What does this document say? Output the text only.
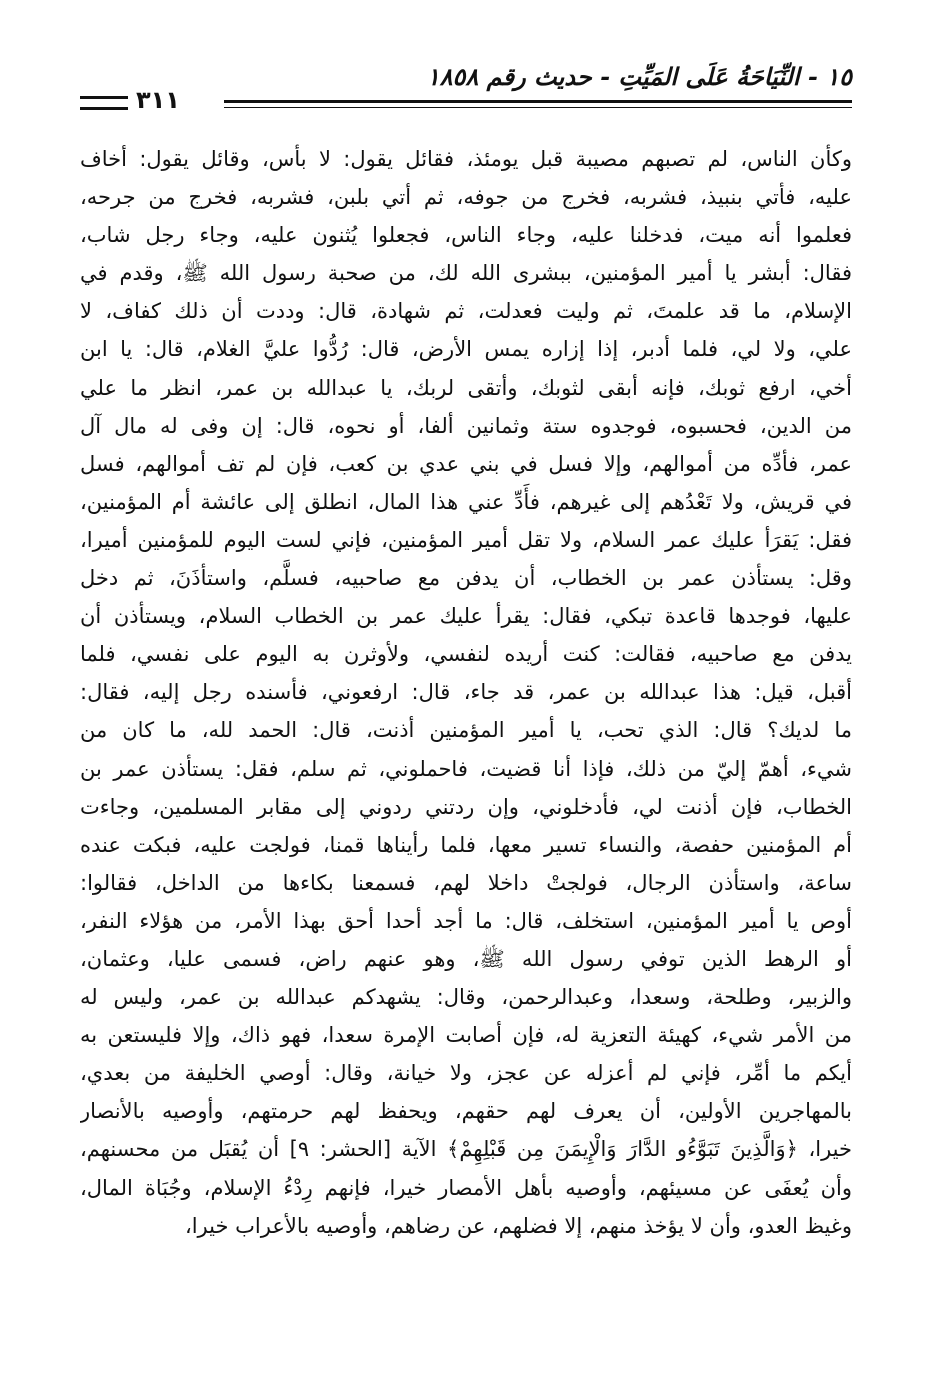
١٥ - النِّيَاحَةُ عَلَى المَيِّتِ - حديث رقم ١٨٥٨
٣١١
وكأن الناس، لم تصبهم مصيبة قبل يومئذ، فقائل يقول: لا بأس، وقائل يقول: أخاف
عليه، فأتي بنبيذ، فشربه، فخرج من جوفه، ثم أتي بلبن، فشربه، فخرج من جرحه،
فعلموا أنه ميت، فدخلنا عليه، وجاء الناس، فجعلوا يُثنون عليه، وجاء رجل شاب،
فقال: أبشر يا أمير المؤمنين، ببشرى الله لك، من صحبة رسول الله ﷺ، وقدم في
الإسلام، ما قد علمتَ، ثم وليت فعدلت، ثم شهادة، قال: وددت أن ذلك كفاف، لا
علي، ولا لي، فلما أدبر، إذا إزاره يمس الأرض، قال: رُدُّوا عليَّ الغلام، قال: يا ابن
أخي، ارفع ثوبك، فإنه أبقى لثوبك، وأتقى لربك، يا عبدالله بن عمر، انظر ما علي
من الدين، فحسبوه، فوجدوه ستة وثمانين ألفا، أو نحوه، قال: إن وفى له مال آل
عمر، فأدِّه من أموالهم، وإلا فسل في بني عدي بن كعب، فإن لم تف أموالهم، فسل
في قريش، ولا تَعْدُهم إلى غيرهم، فأَدِّ عني هذا المال، انطلق إلى عائشة أم المؤمنين،
فقل: يَقرَأ عليك عمر السلام، ولا تقل أمير المؤمنين، فإني لست اليوم للمؤمنين أميرا،
وقل: يستأذن عمر بن الخطاب، أن يدفن مع صاحبيه، فسلَّم، واستأذَنَ، ثم دخل
عليها، فوجدها قاعدة تبكي، فقال: يقرأ عليك عمر بن الخطاب السلام، ويستأذن أن
يدفن مع صاحبيه، فقالت: كنت أريده لنفسي، ولأوثرن به اليوم على نفسي، فلما
أقبل، قيل: هذا عبدالله بن عمر، قد جاء، قال: ارفعوني، فأسنده رجل إليه، فقال:
ما لديك؟ قال: الذي تحب، يا أمير المؤمنين أذنت، قال: الحمد لله، ما كان من
شيء، أهمّ إليّ من ذلك، فإذا أنا قضيت، فاحملوني، ثم سلم، فقل: يستأذن عمر بن
الخطاب، فإن أذنت لي، فأدخلوني، وإن ردتني ردوني إلى مقابر المسلمين، وجاءت
أم المؤمنين حفصة، والنساء تسير معها، فلما رأيناها قمنا، فولجت عليه، فبكت عنده
ساعة، واستأذن الرجال، فولجتْ داخلا لهم، فسمعنا بكاءها من الداخل، فقالوا:
أوص يا أمير المؤمنين، استخلف، قال: ما أجد أحدا أحق بهذا الأمر، من هؤلاء النفر،
أو الرهط الذين توفي رسول الله ﷺ، وهو عنهم راض، فسمى عليا، وعثمان،
والزبير، وطلحة، وسعدا، وعبدالرحمن، وقال: يشهدكم عبدالله بن عمر، وليس له
من الأمر شيء، كهيئة التعزية له، فإن أصابت الإمرة سعدا، فهو ذاك، وإلا فليستعن به
أيكم ما أمِّر، فإني لم أعزله عن عجز، ولا خيانة، وقال: أوصي الخليفة من بعدي،
بالمهاجرين الأولين، أن يعرف لهم حقهم، ويحفظ لهم حرمتهم، وأوصيه بالأنصار
خيرا، ﴿وَالَّذِينَ تَبَوَّءُو الدَّارَ وَالْإِيمَنَ مِن قَبْلِهِمْ﴾ الآية [الحشر: ٩] أن يُقبَل من محسنهم،
وأن يُعفَى عن مسيئهم، وأوصيه بأهل الأمصار خيرا، فإنهم رِدْءُ الإسلام، وجُبَاة المال،
وغيظ العدو، وأن لا يؤخذ منهم، إلا فضلهم، عن رضاهم، وأوصيه بالأعراب خيرا،
